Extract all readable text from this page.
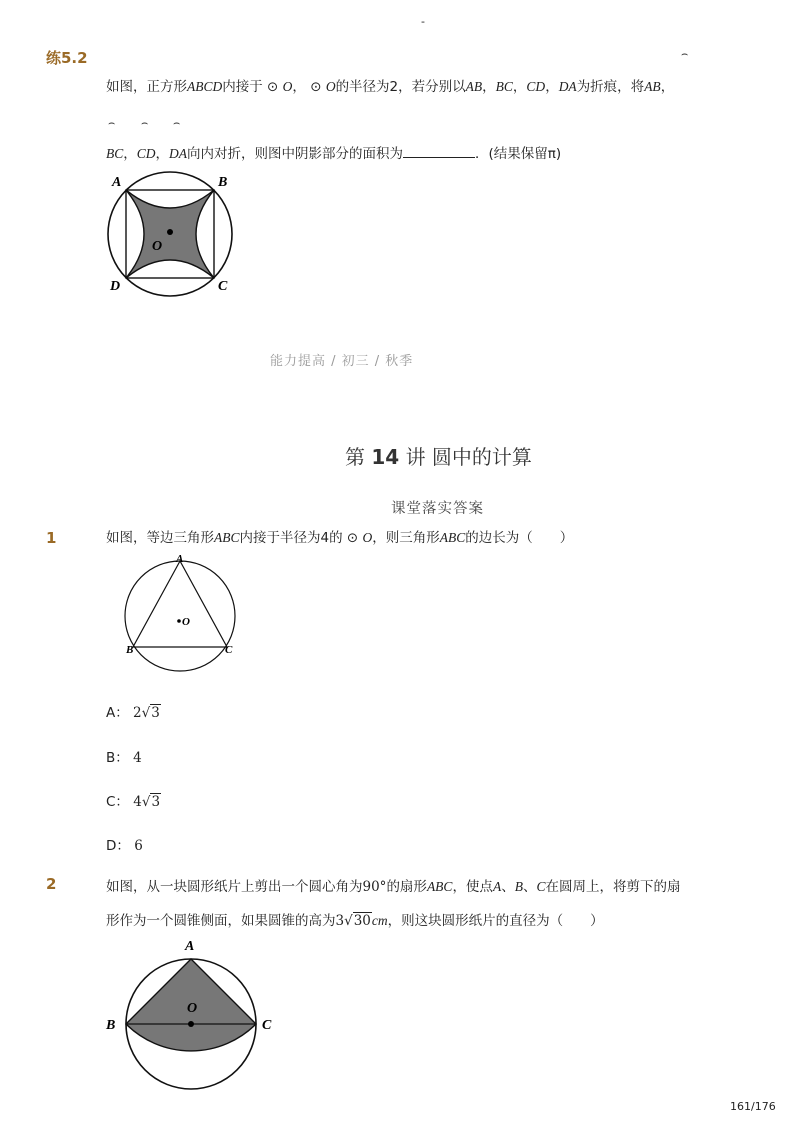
-
练5.2	⌢
如图，正方形ABCD内接于 ⊙ O， ⊙ O的半径为2，若分别以AB，BC，CD，DA为折痕，将AB，
⌢ ⌢ ⌢
BC，CD，DA向内对折，则图中阴影部分的面积为	．(结果保留π)
A	B
C
D
O
能力提高 / 初三 / 秋季
第 14 讲 圆中的计算
课堂落实答案
1	如图，等边三角形ABC内接于半径为4的 ⊙ O，则三角形ABC的边长为（　　）
A
B	C
O
A： 2√3
B： 4
C： 4√3
D： 6
2	如图，从一块圆形纸片上剪出一个圆心角为90°的扇形ABC，使点A、B、C在圆周上，将剪下的扇
形作为一个圆锥侧面，如果圆锥的高为3√30cm，则这块圆形纸片的直径为（　　）
A
B	C
O
161/176
